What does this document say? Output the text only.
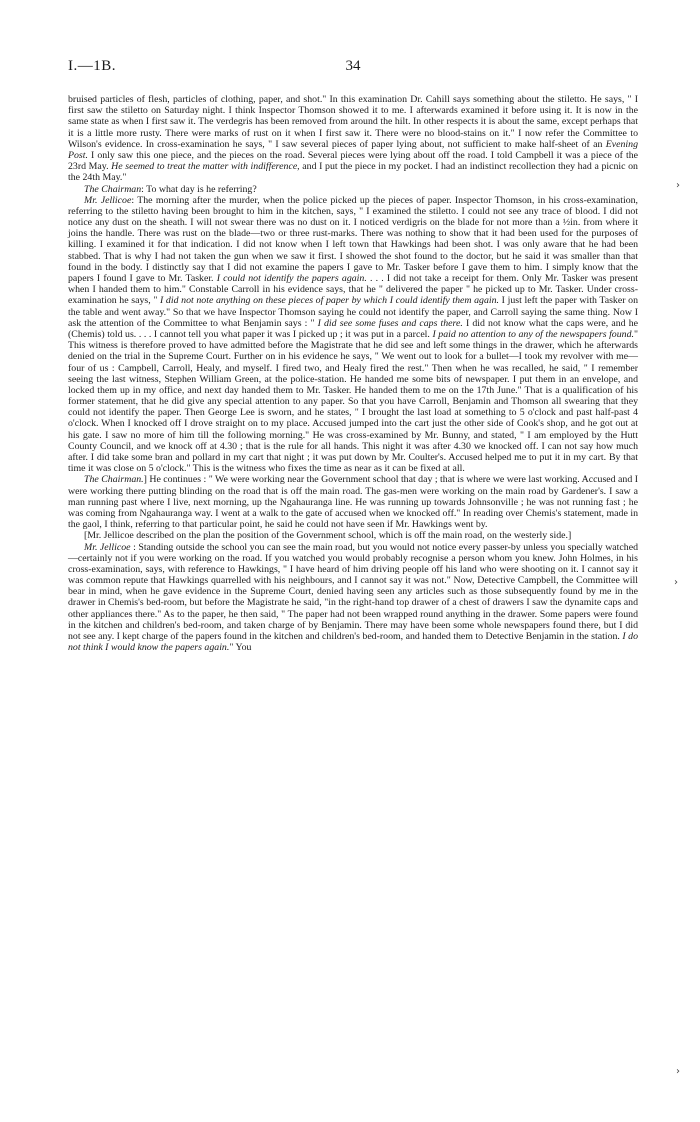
I.—1B.	34

bruised particles of flesh, particles of clothing, paper, and shot." In this examination Dr. Cahill says something about the stiletto. He says, " I first saw the stiletto on Saturday night. I think Inspector Thomson showed it to me. I afterwards examined it before using it. It is now in the same state as when I first saw it. The verdegris has been removed from around the hilt. In other respects it is about the same, except perhaps that it is a little more rusty. There were marks of rust on it when I first saw it. There were no blood-stains on it." I now refer the Committee to Wilson's evidence. In cross-examination he says, " I saw several pieces of paper lying about, not sufficient to make half-sheet of an Evening Post. I only saw this one piece, and the pieces on the road. Several pieces were lying about off the road. I told Campbell it was a piece of the 23rd May. He seemed to treat the matter with indifference, and I put the piece in my pocket. I had an indistinct recollection they had a picnic on the 24th May."

The Chairman: To what day is he referring?

Mr. Jellicoe: The morning after the murder, when the police picked up the pieces of paper. Inspector Thomson, in his cross-examination, referring to the stiletto having been brought to him in the kitchen, says, " I examined the stiletto. I could not see any trace of blood. I did not notice any dust on the sheath. I will not swear there was no dust on it. I noticed verdigris on the blade for not more than a ½in. from where it joins the handle. There was rust on the blade—two or three rust-marks. There was nothing to show that it had been used for the purposes of killing. I examined it for that indication. I did not know when I left town that Hawkings had been shot. I was only aware that he had been stabbed. That is why I had not taken the gun when we saw it first. I showed the shot found to the doctor, but he said it was smaller than that found in the body. I distinctly say that I did not examine the papers I gave to Mr. Tasker before I gave them to him. I simply know that the papers I found I gave to Mr. Tasker. I could not identify the papers again. . . . I did not take a receipt for them. Only Mr. Tasker was present when I handed them to him." Constable Carroll in his evidence says, that he " delivered the paper " he picked up to Mr. Tasker. Under cross-examination he says, " I did not note anything on these pieces of paper by which I could identify them again. I just left the paper with Tasker on the table and went away." So that we have Inspector Thomson saying he could not identify the paper, and Carroll saying the same thing. Now I ask the attention of the Committee to what Benjamin says : " I did see some fuses and caps there. I did not know what the caps were, and he (Chemis) told us. . . . I cannot tell you what paper it was I picked up ; it was put in a parcel. I paid no attention to any of the newspapers found." This witness is therefore proved to have admitted before the Magistrate that he did see and left some things in the drawer, which he afterwards denied on the trial in the Supreme Court. Further on in his evidence he says, " We went out to look for a bullet—I took my revolver with me—four of us : Campbell, Carroll, Healy, and myself. I fired two, and Healy fired the rest." Then when he was recalled, he said, " I remember seeing the last witness, Stephen William Green, at the police-station. He handed me some bits of newspaper. I put them in an envelope, and locked them up in my office, and next day handed them to Mr. Tasker. He handed them to me on the 17th June." That is a qualification of his former statement, that he did give any special attention to any paper. So that you have Carroll, Benjamin and Thomson all swearing that they could not identify the paper. Then George Lee is sworn, and he states, " I brought the last load at something to 5 o'clock and past half-past 4 o'clock. When I knocked off I drove straight on to my place. Accused jumped into the cart just the other side of Cook's shop, and he got out at his gate. I saw no more of him till the following morning." He was cross-examined by Mr. Bunny, and stated, " I am employed by the Hutt County Council, and we knock off at 4.30 ; that is the rule for all hands. This night it was after 4.30 we knocked off. I can not say how much after. I did take some bran and pollard in my cart that night ; it was put down by Mr. Coulter's. Accused helped me to put it in my cart. By that time it was close on 5 o'clock." This is the witness who fixes the time as near as it can be fixed at all.

The Chairman.] He continues : " We were working near the Government school that day ; that is where we were last working. Accused and I were working there putting blinding on the road that is off the main road. The gas-men were working on the main road by Gardener's. I saw a man running past where I live, next morning, up the Ngahauranga line. He was running up towards Johnsonville ; he was not running fast ; he was coming from Ngahauranga way. I went at a walk to the gate of accused when we knocked off." In reading over Chemis's statement, made in the gaol, I think, referring to that particular point, he said he could not have seen if Mr. Hawkings went by.

[Mr. Jellicoe described on the plan the position of the Government school, which is off the main road, on the westerly side.]

Mr. Jellicoe : Standing outside the school you can see the main road, but you would not notice every passer-by unless you specially watched—certainly not if you were working on the road. If you watched you would probably recognise a person whom you knew. John Holmes, in his cross-examination, says, with reference to Hawkings, " I have heard of him driving people off his land who were shooting on it. I cannot say it was common repute that Hawkings quarrelled with his neighbours, and I cannot say it was not." Now, Detective Campbell, the Committee will bear in mind, when he gave evidence in the Supreme Court, denied having seen any articles such as those subsequently found by me in the drawer in Chemis's bed-room, but before the Magistrate he said, "in the right-hand top drawer of a chest of drawers I saw the dynamite caps and other appliances there." As to the paper, he then said, " The paper had not been wrapped round anything in the drawer. Some papers were found in the kitchen and children's bed-room, and taken charge of by Benjamin. There may have been some whole newspapers found there, but I did not see any. I kept charge of the papers found in the kitchen and children's bed-room, and handed them to Detective Benjamin in the station. I do not think I would know the papers again." You

›
›
›
